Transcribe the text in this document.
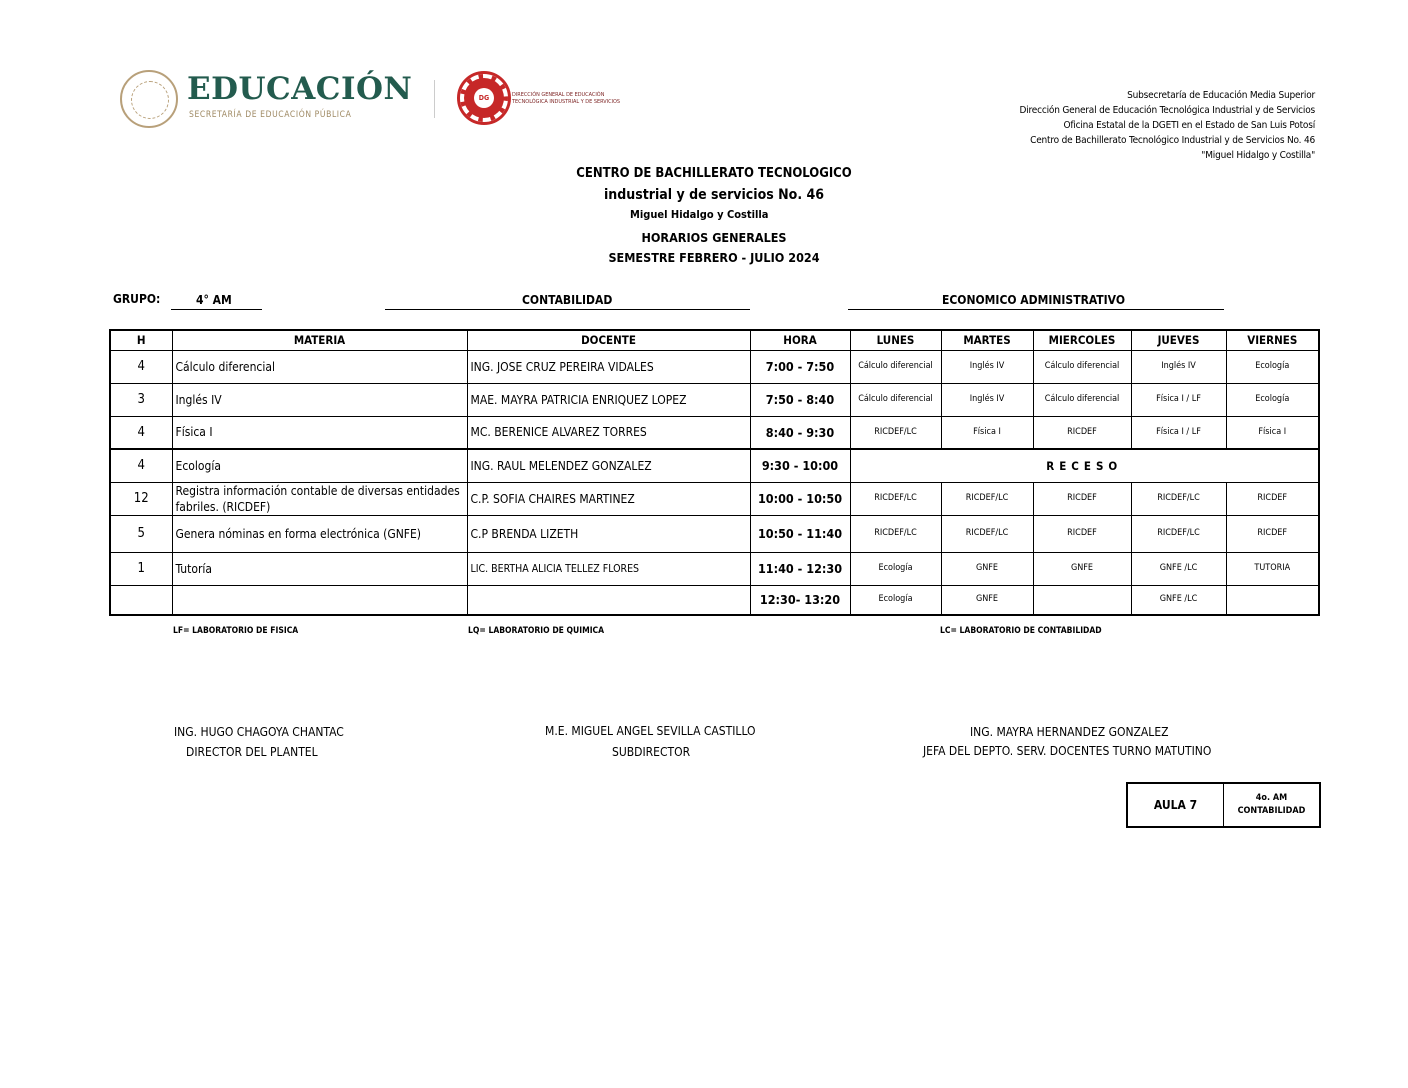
EDUCACIÓN
SECRETARÍA DE EDUCACIÓN PÚBLICA
DG	DIRECCIÓN GENERAL DE EDUCACIÓN
TECNOLÓGICA INDUSTRIAL Y DE SERVICIOS
Subsecretaría de Educación Media Superior
Dirección General de Educación Tecnológica Industrial y de Servicios
Oficina Estatal de la DGETI en el Estado de San Luis Potosí
Centro de Bachillerato Tecnológico Industrial y de Servicios No. 46
"Miguel Hidalgo y Costilla"
CENTRO DE BACHILLERATO TECNOLOGICO
industrial y de servicios No. 46
Miguel Hidalgo y Costilla
HORARIOS GENERALES
SEMESTRE FEBRERO - JULIO 2024
GRUPO:	4° AM	CONTABILIDAD	ECONOMICO ADMINISTRATIVO
H	MATERIA	DOCENTE	HORA	LUNES	MARTES	MIERCOLES	JUEVES	VIERNES
4	Cálculo diferencial	ING. JOSE CRUZ PEREIRA VIDALES	7:00 - 7:50	Cálculo diferencial	Inglés IV	Cálculo diferencial	Inglés IV	Ecología
3	Inglés IV	MAE. MAYRA PATRICIA ENRIQUEZ LOPEZ	7:50 - 8:40	Cálculo diferencial	Inglés IV	Cálculo diferencial	Física I / LF	Ecología
4	Física I	MC. BERENICE ALVAREZ TORRES	8:40 - 9:30	RICDEF/LC	Física I	RICDEF	Física I / LF	Física I
4	Ecología	ING. RAUL MELENDEZ GONZALEZ	9:30 - 10:00	RECESO				
12	Registra información contable de diversas entidades fabriles. (RICDEF)	C.P. SOFIA CHAIRES MARTINEZ	10:00 - 10:50	RICDEF/LC	RICDEF/LC	RICDEF	RICDEF/LC	RICDEF
5	Genera nóminas en forma electrónica (GNFE)	C.P BRENDA LIZETH	10:50 - 11:40	RICDEF/LC	RICDEF/LC	RICDEF	RICDEF/LC	RICDEF
1	Tutoría	LIC. BERTHA ALICIA TELLEZ FLORES	11:40 - 12:30	Ecología	GNFE	GNFE	GNFE /LC	TUTORIA
			12:30- 13:20	Ecología	GNFE		GNFE /LC	
LF= LABORATORIO DE FISICA	LQ= LABORATORIO DE QUIMICA	LC= LABORATORIO DE CONTABILIDAD
ING. HUGO CHAGOYA CHANTAC
DIRECTOR DEL PLANTEL
M.E. MIGUEL ANGEL SEVILLA CASTILLO
SUBDIRECTOR
ING. MAYRA HERNANDEZ GONZALEZ
JEFA DEL DEPTO. SERV. DOCENTES TURNO MATUTINO
AULA 7	4o. AM
CONTABILIDAD
